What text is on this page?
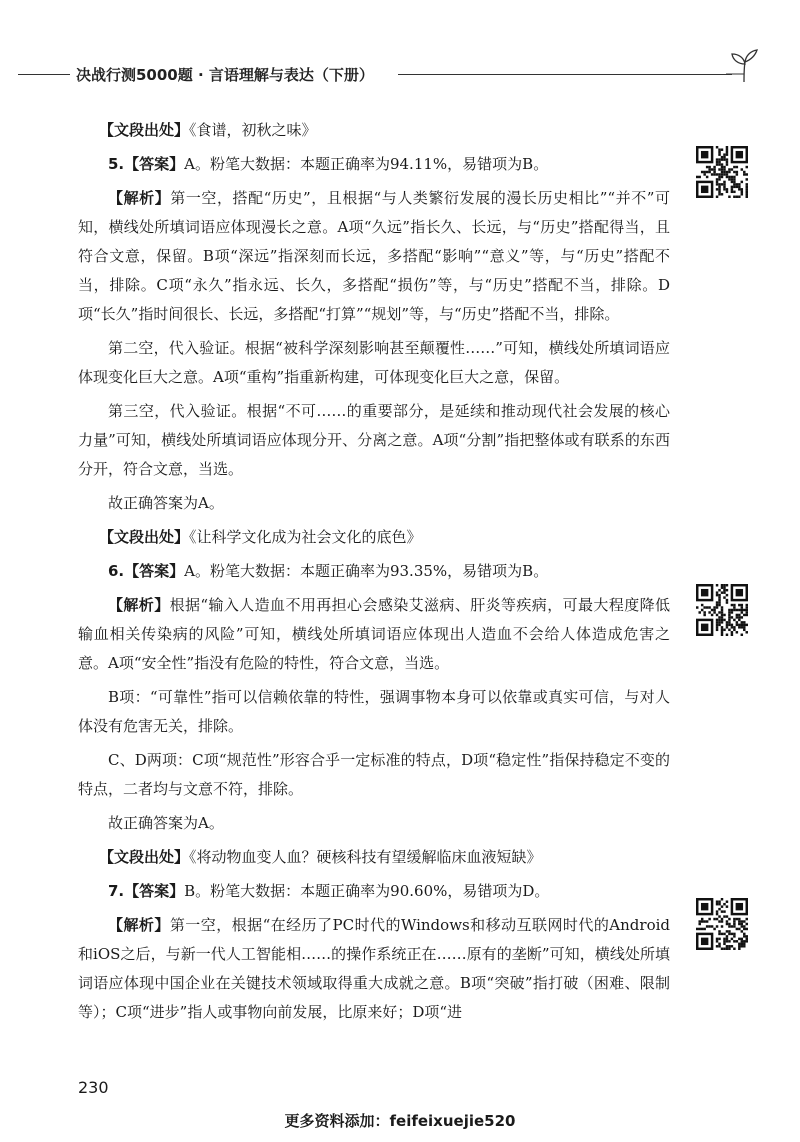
决战行测5000题 · 言语理解与表达（下册）

【文段出处】《食谱，初秋之味》

5.【答案】A。粉笔大数据：本题正确率为94.11%，易错项为B。

【解析】第一空，搭配“历史”，且根据“与人类繁衍发展的漫长历史相比”“并不”可知，横线处所填词语应体现漫长之意。A项“久远”指长久、长远，与“历史”搭配得当，且符合文意，保留。B项“深远”指深刻而长远，多搭配“影响”“意义”等，与“历史”搭配不当，排除。C项“永久”指永远、长久，多搭配“损伤”等，与“历史”搭配不当，排除。D项“长久”指时间很长、长远，多搭配“打算”“规划”等，与“历史”搭配不当，排除。

第二空，代入验证。根据“被科学深刻影响甚至颠覆性……”可知，横线处所填词语应体现变化巨大之意。A项“重构”指重新构建，可体现变化巨大之意，保留。

第三空，代入验证。根据“不可……的重要部分，是延续和推动现代社会发展的核心力量”可知，横线处所填词语应体现分开、分离之意。A项“分割”指把整体或有联系的东西分开，符合文意，当选。

故正确答案为A。

【文段出处】《让科学文化成为社会文化的底色》

6.【答案】A。粉笔大数据：本题正确率为93.35%，易错项为B。

【解析】根据“输入人造血不用再担心会感染艾滋病、肝炎等疾病，可最大程度降低输血相关传染病的风险”可知，横线处所填词语应体现出人造血不会给人体造成危害之意。A项“安全性”指没有危险的特性，符合文意，当选。

B项：“可靠性”指可以信赖依靠的特性，强调事物本身可以依靠或真实可信，与对人体没有危害无关，排除。

C、D两项：C项“规范性”形容合乎一定标准的特点，D项“稳定性”指保持稳定不变的特点，二者均与文意不符，排除。

故正确答案为A。

【文段出处】《将动物血变人血？硬核科技有望缓解临床血液短缺》

7.【答案】B。粉笔大数据：本题正确率为90.60%，易错项为D。

【解析】第一空，根据“在经历了PC时代的Windows和移动互联网时代的Android和iOS之后，与新一代人工智能相……的操作系统正在……原有的垄断”可知，横线处所填词语应体现中国企业在关键技术领域取得重大成就之意。B项“突破”指打破（困难、限制等）；C项“进步”指人或事物向前发展，比原来好；D项“进

230
更多资料添加：feifeixuejie520
